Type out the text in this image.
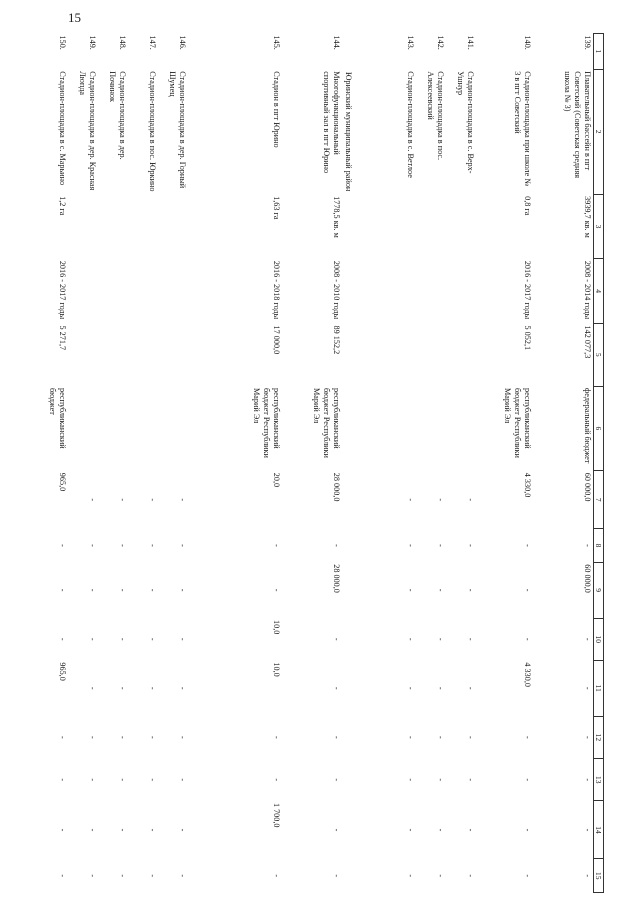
15
1	2	3	4	5	6	7	8	9	10	11	12	13	14	15
139.	Плавательный бассейн в пгт Советский (Советская средняя школа № 3)	3939,7 кв. м	2008 - 2014 годы	142 077,3	федеральный бюджет	60 000,0	-	60 000,0	-	-	-	-	-	-
140.	Стадион-площадка при школе № 3 в пгт Советский	0,8 га	2016 - 2017 годы	5 052,1	республиканский бюджет Республики Марий Эл	4 330,0	-	-	-	4 330,0	-	-	-	-
141.	Стадион-площадка в с. Верх-Ушнур					-	-	-	-	-	-	-	-	-
142.	Стадион-площадка в пос. Алексеевский					-	-	-	-	-	-	-	-	-
143.	Стадион-площадка в с. Ветлое					-	-	-	-	-	-	-	-	-
	Юринский муниципальный район													
144.	Многофункциональный спортивный зал в пгт Юрино	1778,5 кв. м	2008 - 2010 годы	89 152,2	республиканский бюджет Республики Марий Эл	28 000,0	-	28 000,0	-	-	-	-	-	-
145.	Стадион в пгт Юрино	1,63 га	2016 - 2018 годы	17 000,0	республиканский бюджет Республики Марий Эл	20,0	-	-	10,0	10,0	-	-	1 700,0	-
146.	Стадион-площадка в дер. Горный Шумец					-	-	-	-	-	-	-	-	-
147.	Стадион-площадка в пос. Юркино					-	-	-	-	-	-	-	-	-
148.	Стадион-площадка в дер. Починок					-	-	-	-	-	-	-	-	-
149.	Стадион-площадка в дер. Красная Люпда					-	-	-	-	-	-	-	-	-
150.	Стадион-площадка в с. Марьино	1,2 га	2016 - 2017 годы	5 271,7	республиканский бюджет	965,0	-	-	-	965,0	-	-	-	-
